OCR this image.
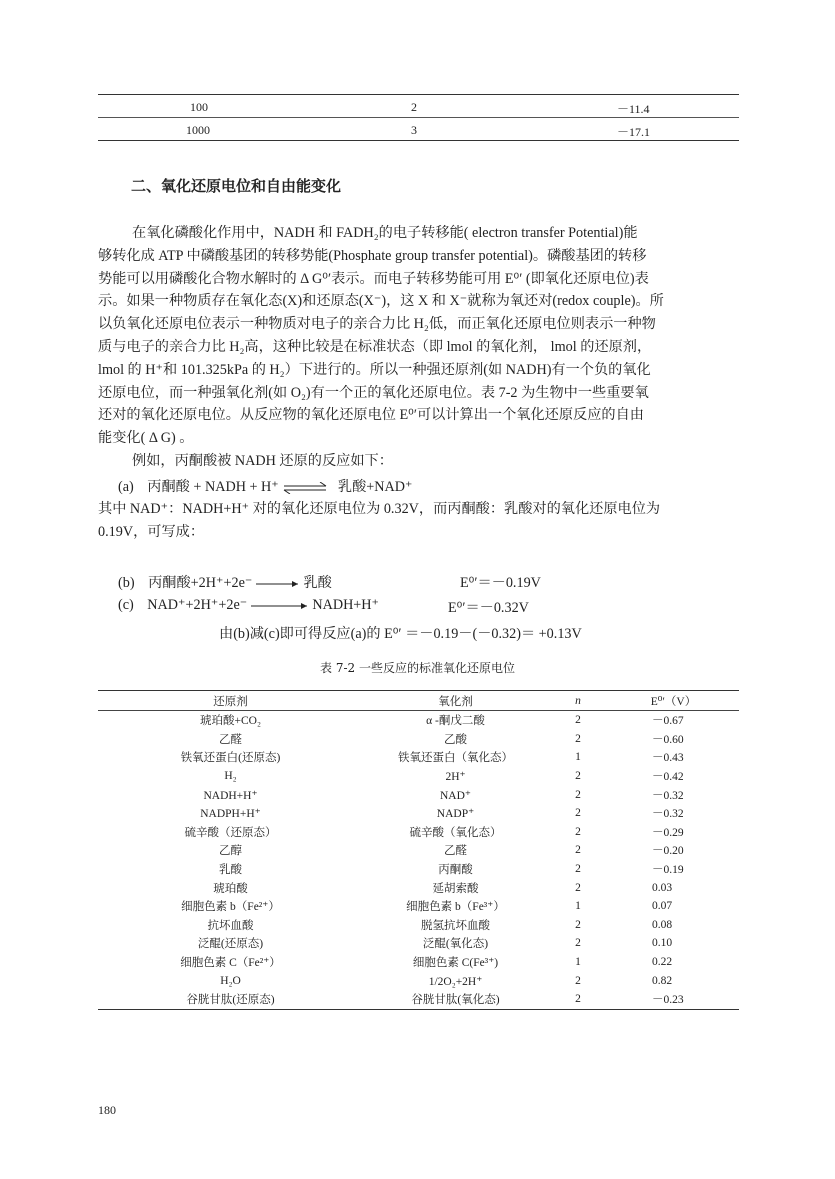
100	2	－11.4
1000	3	－17.1
二、氧化还原电位和自由能变化
在氧化磷酸化作用中，NADH 和 FADH₂的电子转移能( electron transfer Potential)能
够转化成 ATP 中磷酸基团的转移势能(Phosphate group transfer potential)。磷酸基团的转移
势能可以用磷酸化合物水解时的 Δ G⁰′表示。而电子转移势能可用 E⁰′ (即氧化还原电位)表
示。如果一种物质存在氧化态(X)和还原态(X⁻)，这 X 和 X⁻就称为氧还对(redox couple)。所
以负氧化还原电位表示一种物质对电子的亲合力比 H₂低，而正氧化还原电位则表示一种物
质与电子的亲合力比 H₂高，这种比较是在标准状态（即 lmol 的氧化剂， lmol 的还原剂，
lmol 的 H⁺和 101.325kPa 的 H₂）下进行的。所以一种强还原剂(如 NADH)有一个负的氧化
还原电位，而一种强氧化剂(如 O₂)有一个正的氧化还原电位。表 7-2 为生物中一些重要氧
还对的氧化还原电位。从反应物的氧化还原电位 E⁰′可以计算出一个氧化还原反应的自由
能变化( Δ G) 。
例如，丙酮酸被 NADH 还原的反应如下：
(a) 丙酮酸 + NADH + H⁺ ⇌ 乳酸+NAD⁺
其中 NAD⁺：NADH+H⁺ 对的氧化还原电位为 0.32V，而丙酮酸：乳酸对的氧化还原电位为
0.19V，可写成：
(b) 丙酮酸+2H⁺+2e⁻	乳酸	E⁰′＝－0.19V
(c) NAD⁺+2H⁺+2e⁻	NADH+H⁺	E⁰′＝－0.32V
由(b)减(c)即可得反应(a)的 E⁰′ ＝－0.19－(－0.32)＝ +0.13V
表 7-2 一些反应的标准氧化还原电位
还原剂	氧化剂	n	E⁰′（V）
琥珀酸+CO₂	α -酮戊二酸	2	－0.67
乙醛	乙酸	2	－0.60
铁氧还蛋白(还原态)	铁氧还蛋白（氧化态）	1	－0.43
H₂	2H⁺	2	－0.42
NADH+H⁺	NAD⁺	2	－0.32
NADPH+H⁺	NADP⁺	2	－0.32
硫辛酸（还原态）	硫辛酸（氧化态）	2	－0.29
乙醇	乙醛	2	－0.20
乳酸	丙酮酸	2	－0.19
琥珀酸	延胡索酸	2	0.03
细胞色素 b（Fe²⁺）	细胞色素 b（Fe³⁺）	1	0.07
抗坏血酸	脱氢抗坏血酸	2	0.08
泛醌(还原态)	泛醌(氧化态)	2	0.10
细胞色素 C（Fe²⁺）	细胞色素 C(Fe³⁺)	1	0.22
H₂O	1/2O₂+2H⁺	2	0.82
谷胱甘肽(还原态)	谷胱甘肽(氧化态)	2	－0.23
180
